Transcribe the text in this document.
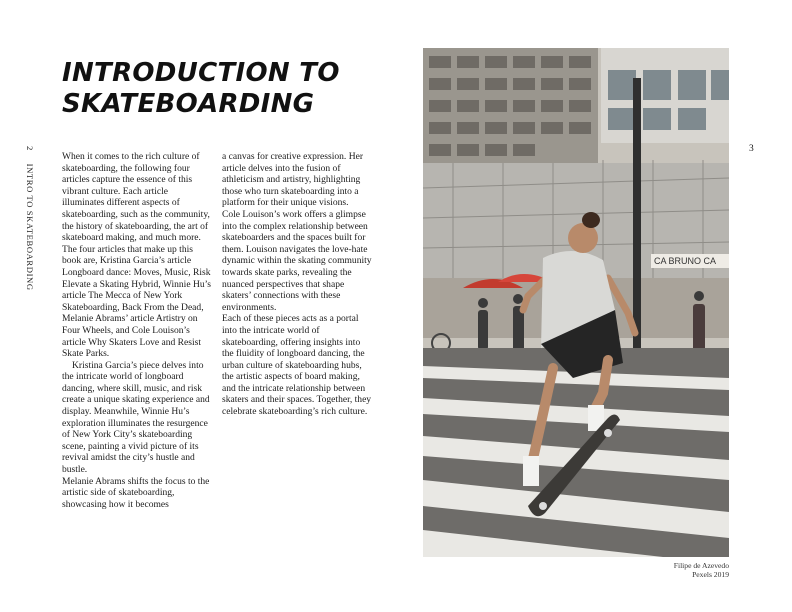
2 INTRO TO SKATEBOARDING
INTRODUCTION TO
SKATEBOARDING

When it comes to the rich culture of skateboarding, the following four articles capture the essence of this vibrant culture. Each article illuminates different aspects of skateboarding, such as the community, the history of skateboarding, the art of skateboard making, and much more. The four articles that make up this book are, Kristina Garcia’s article Longboard dance: Moves, Music, Risk Elevate a Skating Hybrid, Winnie Hu’s article The Mecca of New York Skateboarding, Back From the Dead, Melanie Abrams’ article Artistry on Four Wheels, and Cole Louison’s article Why Skaters Love and Resist Skate Parks.

Kristina Garcia’s piece delves into the intricate world of longboard dancing, where skill, music, and risk create a unique skating experience and display. Meanwhile, Winnie Hu’s exploration illuminates the resurgence of New York City’s skateboarding scene, painting a vivid picture of its revival amidst the city’s hustle and bustle.

Melanie Abrams shifts the focus to the artistic side of skateboarding, showcasing how it becomes

a canvas for creative expression. Her article delves into the fusion of athleticism and artistry, highlighting those who turn skateboarding into a platform for their unique visions.

Cole Louison’s work offers a glimpse into the complex relationship between skateboarders and the spaces built for them. Louison navigates the love-hate dynamic within the skating community towards skate parks, revealing the nuanced perspectives that shape skaters’ connections with these environments.

Each of these pieces acts as a portal into the intricate world of skateboarding, offering insights into the fluidity of longboard dancing, the urban culture of skateboarding hubs, the artistic aspects of board making, and the intricate relationship between skaters and their spaces. Together, they celebrate skateboarding’s rich culture.

3
CA BRUNO CA
Filipe de Azevedo
Pexels 2019
